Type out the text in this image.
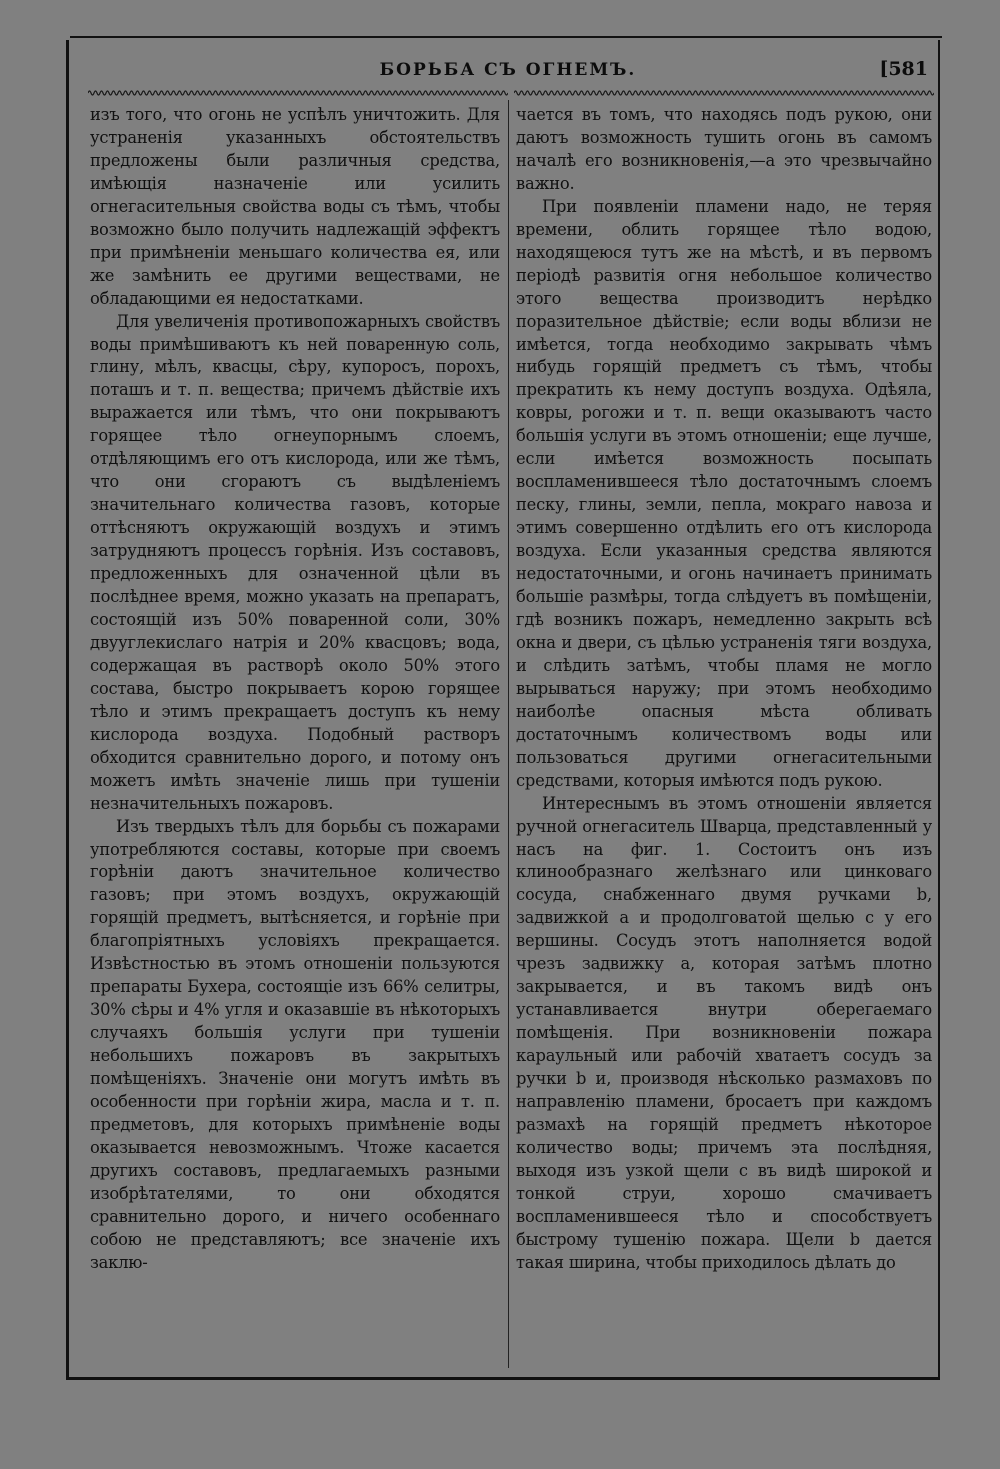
БОРЬБА СЪ ОГНЕМЪ.	[581

изъ того, что огонь не успѣлъ уничтожить. Для устраненія указанныхъ обстоятельствъ предложены были различныя средства, имѣющія назначеніе или усилить огнегасительныя свойства воды съ тѣмъ, чтобы возможно было получить надлежащій эффектъ при примѣненіи меньшаго количества ея, или же замѣнить ее другими веществами, не обладающими ея недостатками.

Для увеличенія противопожарныхъ свойствъ воды примѣшиваютъ къ ней поваренную соль, глину, мѣлъ, квасцы, сѣру, купоросъ, порохъ, поташъ и т. п. вещества; причемъ дѣйствіе ихъ выражается или тѣмъ, что они покрываютъ горящее тѣло огнеупорнымъ слоемъ, отдѣляющимъ его отъ кислорода, или же тѣмъ, что они сгораютъ съ выдѣленіемъ значительнаго количества газовъ, которые оттѣсняютъ окружающій воздухъ и этимъ затрудняютъ процессъ горѣнія. Изъ составовъ, предложенныхъ для означенной цѣли въ послѣднее время, можно указать на препаратъ, состоящій изъ 50% поваренной соли, 30% двууглекислаго натрія и 20% квасцовъ; вода, содержащая въ растворѣ около 50% этого состава, быстро покрываетъ корою горящее тѣло и этимъ прекращаетъ доступъ къ нему кислорода воздуха. Подобный растворъ обходится сравнительно дорого, и потому онъ можетъ имѣть значеніе лишь при тушеніи незначительныхъ пожаровъ.

Изъ твердыхъ тѣлъ для борьбы съ пожарами употребляются составы, которые при своемъ горѣніи даютъ значительное количество газовъ; при этомъ воздухъ, окружающій горящій предметъ, вытѣсняется, и горѣніе при благопріятныхъ условіяхъ прекращается. Извѣстностью въ этомъ отношеніи пользуются препараты Бухера, состоящіе изъ 66% селитры, 30% сѣры и 4% угля и оказавшіе въ нѣкоторыхъ случаяхъ большія услуги при тушеніи небольшихъ пожаровъ въ закрытыхъ помѣщеніяхъ. Значеніе они могутъ имѣть въ особенности при горѣніи жира, масла и т. п. предметовъ, для которыхъ примѣненіе воды оказывается невозможнымъ. Чтоже касается другихъ составовъ, предлагаемыхъ разными изобрѣтателями, то они обходятся сравнительно дорого, и ничего особеннаго собою не представляютъ; все значеніе ихъ заклю-

чается въ томъ, что находясь подъ рукою, они даютъ возможность тушить огонь въ самомъ началѣ его возникновенія,—а это чрезвычайно важно.

При появленіи пламени надо, не теряя времени, облить горящее тѣло водою, находящеюся тутъ же на мѣстѣ, и въ первомъ періодѣ развитія огня небольшое количество этого вещества производитъ нерѣдко поразительное дѣйствіе; если воды вблизи не имѣется, тогда необходимо закрывать чѣмъ нибудь горящій предметъ съ тѣмъ, чтобы прекратить къ нему доступъ воздуха. Одѣяла, ковры, рогожи и т. п. вещи оказываютъ часто большія услуги въ этомъ отношеніи; еще лучше, если имѣется возможность посыпать воспламенившееся тѣло достаточнымъ слоемъ песку, глины, земли, пепла, мокраго навоза и этимъ совершенно отдѣлить его отъ кислорода воздуха. Если указанныя средства являются недостаточными, и огонь начинаетъ принимать большіе размѣры, тогда слѣдуетъ въ помѣщеніи, гдѣ возникъ пожаръ, немедленно закрыть всѣ окна и двери, съ цѣлью устраненія тяги воздуха, и слѣдить затѣмъ, чтобы пламя не могло вырываться наружу; при этомъ необходимо наиболѣе опасныя мѣста обливать достаточнымъ количествомъ воды или пользоваться другими огнегасительными средствами, которыя имѣются подъ рукою.

Интереснымъ въ этомъ отношеніи является ручной огнегаситель Шварца, представленный у насъ на фиг. 1. Состоитъ онъ изъ клинообразнаго желѣзнаго или цинковаго сосуда, снабженнаго двумя ручками b, задвижкой a и продолговатой щелью c у его вершины. Сосудъ этотъ наполняется водой чрезъ задвижку a, которая затѣмъ плотно закрывается, и въ такомъ видѣ онъ устанавливается внутри оберегаемаго помѣщенія. При возникновеніи пожара караульный или рабочій хватаетъ сосудъ за ручки b и, производя нѣсколько размаховъ по направленію пламени, бросаетъ при каждомъ размахѣ на горящій предметъ нѣкоторое количество воды; причемъ эта послѣдняя, выходя изъ узкой щели c въ видѣ широкой и тонкой струи, хорошо смачиваетъ воспламенившееся тѣло и способствуетъ быстрому тушенію пожара. Щели b дается такая ширина, чтобы приходилось дѣлать до
